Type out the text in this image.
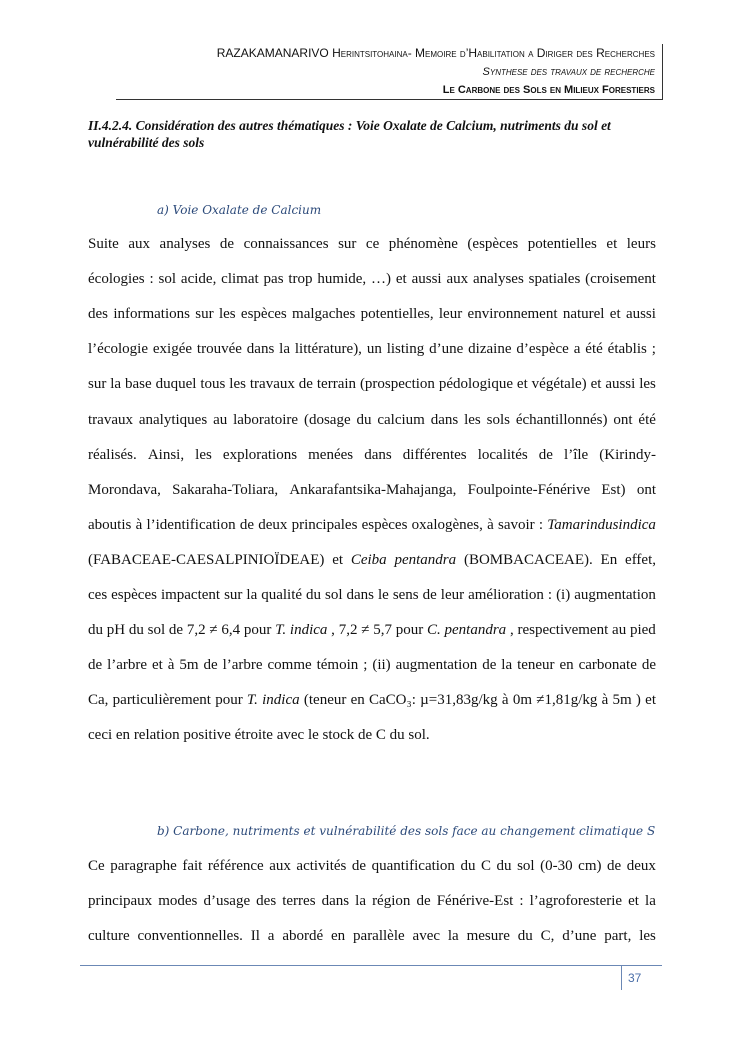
RAZAKAMANARIVO Herintsitohaina- Memoire d’Habilitation a Diriger des Recherches
Synthese des travaux de recherche
Le Carbone des Sols en Milieux Forestiers
II.4.2.4. Considération des autres thématiques : Voie Oxalate de Calcium, nutriments du sol et vulnérabilité des sols
a) Voie Oxalate de Calcium
Suite aux analyses de connaissances sur ce phénomène (espèces potentielles et leurs
écologies : sol acide, climat pas trop humide, …) et aussi aux analyses spatiales (croisement
des informations sur les espèces malgaches potentielles, leur environnement naturel et aussi
l’écologie exigée trouvée dans la littérature), un listing d’une dizaine d’espèce a été établis ;
sur la base duquel tous les travaux de terrain (prospection pédologique et végétale) et aussi les
travaux analytiques au laboratoire (dosage du calcium dans les sols échantillonnés) ont été
réalisés. Ainsi, les explorations menées dans différentes localités de l’île (Kirindy-
Morondava, Sakaraha-Toliara, Ankarafantsika-Mahajanga, Foulpointe-Fénérive Est) ont
aboutis à l’identification de deux principales espèces oxalogènes, à savoir : Tamarindusindica
(FABACEAE-CAESALPINIOÏDEAE) et Ceiba pentandra (BOMBACACEAE). En effet,
ces espèces impactent sur la qualité du sol dans le sens de leur amélioration : (i) augmentation
du pH du sol de 7,2 ≠ 6,4 pour T. indica , 7,2 ≠ 5,7 pour C. pentandra , respectivement au pied
de l’arbre et à 5m de l’arbre comme témoin ; (ii) augmentation de la teneur en carbonate de
Ca, particulièrement pour T. indica (teneur en CaCO₃: µ=31,83g/kg à 0m ≠1,81g/kg à 5m ) et
ceci
en
relation
positive
étroite
avec
le
stock
de
C
du
sol.

b) Carbone, nutriments et vulnérabilité des sols face au changement climatique S
Ce paragraphe fait référence aux activités de quantification du C du sol (0-30 cm) de deux
principaux modes d’usage des terres dans la région de Fénérive-Est : l’agroforesterie et la
culture conventionnelles. Il a abordé en parallèle avec la mesure du C, d’une part, les
37
